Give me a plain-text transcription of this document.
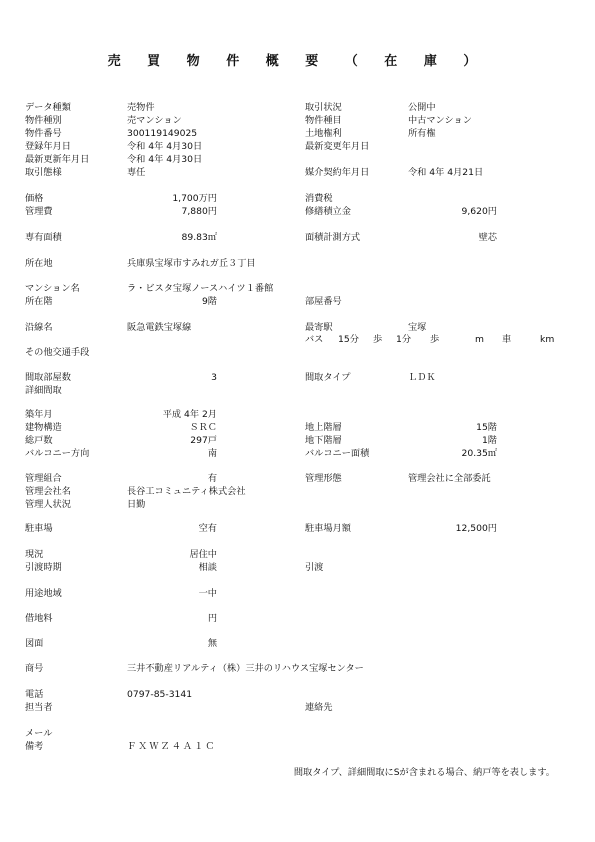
売 買 物 件 概 要 （ 在 庫 ）
データ種類	売物件	取引状況	公開中
物件種別	売マンション	物件種目	中古マンション
物件番号	300119149025	土地権利	所有権
登録年月日	令和 4年 4月30日	最新変更年月日
最新更新年月日	令和 4年 4月30日
取引態様	専任	媒介契約年月日	令和 4年 4月21日
価格	1,700万円	消費税
管理費	7,880円	修繕積立金	9,620円
専有面積	89.83㎡	面積計測方式	壁芯
所在地	兵庫県宝塚市すみれガ丘３丁目
マンション名	ラ・ビスタ宝塚ノースハイツ１番館
所在階	9階	部屋番号
沿線名	阪急電鉄宝塚線	最寄駅	宝塚
バス 15分 歩 1分 歩	m 車	km
その他交通手段
間取部屋数	3	間取タイプ	ＬＤＫ
詳細間取
築年月	平成 4年 2月
建物構造	ＳＲＣ	地上階層	15階
総戸数	297戸	地下階層	1階
バルコニー方向	南	バルコニー面積	20.35㎡
管理組合	有	管理形態	管理会社に全部委託
管理会社名	長谷工コミュニティ株式会社
管理人状況	日勤
駐車場	空有	駐車場月額	12,500円
現況	居住中
引渡時期	相談	引渡
用途地域	一中
借地料	円
図面	無
商号	三井不動産リアルティ（株）三井のリハウス宝塚センター
電話	0797-85-3141
担当者	連絡先
メール
備考	ＦＸＷＺ４Ａ１Ｃ
間取タイプ、詳細間取にSが含まれる場合、納戸等を表します。
